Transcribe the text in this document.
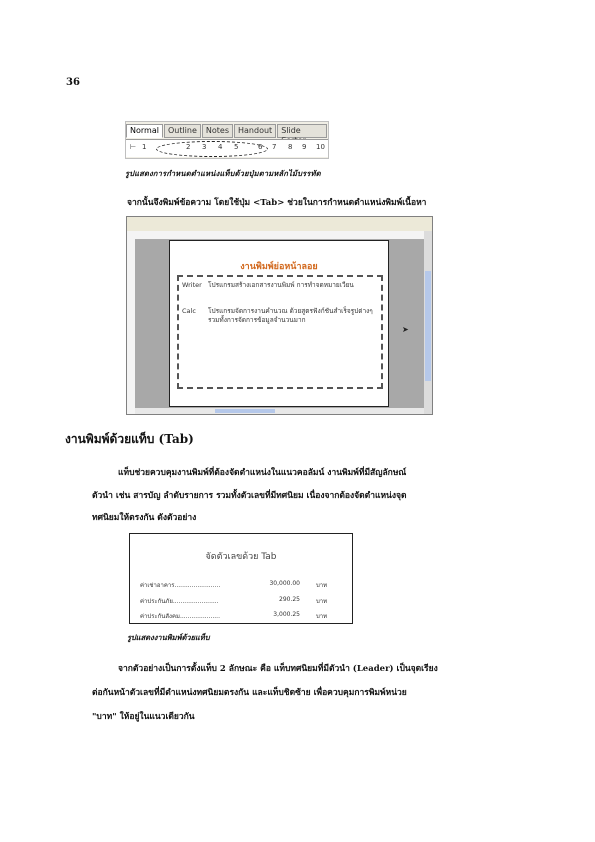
36
Normal	Outline	Notes	Handout	Slide
⊢ 1	2 3 4 5	6 7 8 9 10
รูปแสดงการกำหนดตำแหน่งแท็บด้วยปุ่มตามหลักไม้บรรทัด
จากนั้นจึงพิมพ์ข้อความ โดยใช้ปุ่ม <Tab> ช่วยในการกำหนดตำแหน่งพิมพ์เนื้อหา
งานพิมพ์ย่อหน้าลอย
Writer โปรแกรมสร้างเอกสารงานพิมพ์ การทำจดหมายเวียน
Calc โปรแกรมจัดการงานคำนวณ ด้วยสูตรฟังก์ชันสำเร็จรูปต่างๆ รวมทั้งการจัดการข้อมูลจำนวนมาก
➤
งานพิมพ์ด้วยแท็บ (Tab)
แท็บช่วยควบคุมงานพิมพ์ที่ต้องจัดตำแหน่งในแนวคอลัมน์ งานพิมพ์ที่มีสัญลักษณ์
ตัวนำ เช่น สารบัญ ลำดับรายการ รวมทั้งตัวเลขที่มีทศนิยม เนื่องจากต้องจัดตำแหน่งจุด
ทศนิยมให้ตรงกัน ดังตัวอย่าง
จัดตัวเลขด้วย Tab
ค่าเช่าอาคาร........................	30,000.00	บาท
ค่าประกันภัย........................	290.25	บาท
ค่าประกันสังคม.....................	3,000.25	บาท
รูปแสดงงานพิมพ์ด้วยแท็บ
จากตัวอย่างเป็นการตั้งแท็บ 2 ลักษณะ คือ แท็บทศนิยมที่มีตัวนำ (Leader) เป็นจุดเรียง
ต่อกันหน้าตัวเลขที่มีตำแหน่งทศนิยมตรงกัน และแท็บชิดซ้าย เพื่อควบคุมการพิมพ์หน่วย
"บาท" ให้อยู่ในแนวเดียวกัน
